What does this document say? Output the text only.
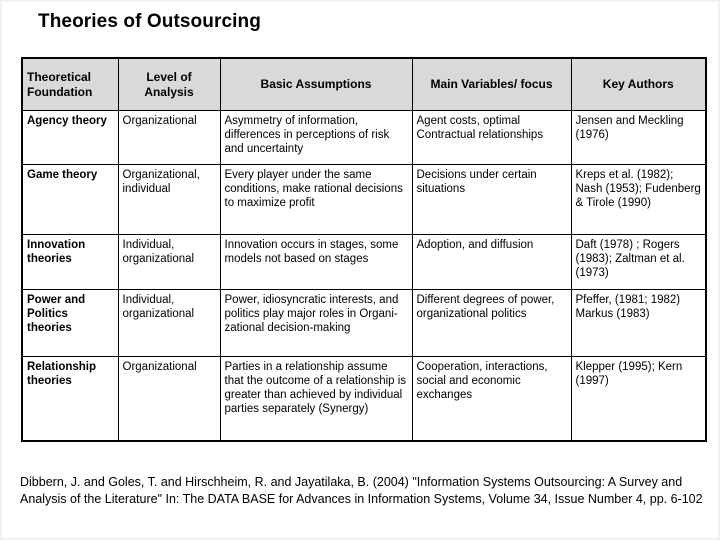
Theories of Outsourcing
Theoretical Foundation	Level of Analysis	Basic Assumptions	Main Variables/ focus	Key Authors
Agency theory	Organizational	Asymmetry of information, differences in perceptions of risk and uncertainty	Agent costs, optimal Contractual relationships	Jensen and Meckling (1976)
Game theory	Organizational, individual	Every player under the same conditions, make rational decisions to maximize profit	Decisions under certain situations	Kreps et al. (1982); Nash (1953); Fudenberg & Tirole (1990)
Innovation theories	Individual, organizational	Innovation occurs in stages, some models not based on stages	Adoption, and diffusion	Daft (1978) ; Rogers (1983); Zaltman et al. (1973)
Power and Politics theories	Individual, organizational	Power, idiosyncratic interests, and politics play major roles in Organi-zational decision-making	Different degrees of power, organizational politics	Pfeffer, (1981; 1982) Markus (1983)
Relationship theories	Organizational	Parties in a relationship assume that the outcome of a relationship is greater than achieved by individual parties separately (Synergy)	Cooperation, interactions, social and economic exchanges	Klepper (1995); Kern (1997)
Dibbern, J. and Goles, T. and Hirschheim, R. and Jayatilaka, B. (2004) "Information Systems Outsourcing: A Survey and Analysis of the Literature" In: The DATA BASE for Advances in Information Systems, Volume 34, Issue Number 4, pp. 6-102
